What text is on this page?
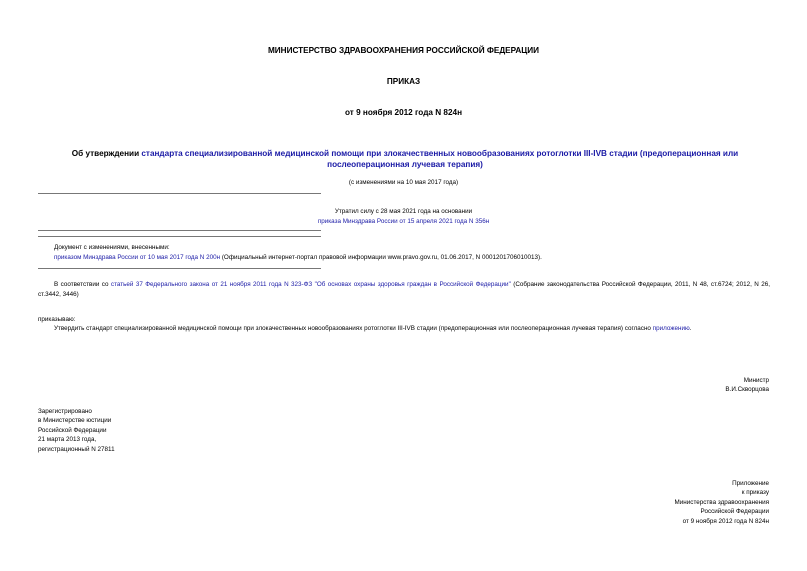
МИНИСТЕРСТВО ЗДРАВООХРАНЕНИЯ РОССИЙСКОЙ ФЕДЕРАЦИИ
ПРИКАЗ
от 9 ноября 2012 года N 824н
Об утверждении стандарта специализированной медицинской помощи при злокачественных новообразованиях ротоглотки III-IVB стадии (предоперационная или послеоперационная лучевая терапия)
(с изменениями на 10 мая 2017 года)
Утратил силу с 28 мая 2021 года на основании
приказа Минздрава России от 15 апреля 2021 года N 356н
Документ с изменениями, внесенными:
приказом Минздрава России от 10 мая 2017 года N 200н (Официальный интернет-портал правовой информации www.pravo.gov.ru, 01.06.2017, N 0001201706010013).
В соответствии со статьей 37 Федерального закона от 21 ноября 2011 года N 323-ФЗ "Об основах охраны здоровья граждан в Российской Федерации" (Собрание законодательства Российской Федерации, 2011, N 48, ст.6724; 2012, N 26, ст.3442, 3446)
приказываю:
Утвердить стандарт специализированной медицинской помощи при злокачественных новообразованиях ротоглотки III-IVB стадии (предоперационная или послеоперационная лучевая терапия) согласно приложению.
Министр
В.И.Скворцова
Зарегистрировано
в Министерстве юстиции
Российской Федерации
21 марта 2013 года,
регистрационный N 27811
Приложение
к приказу
Министерства здравоохранения
Российской Федерации
от 9 ноября 2012 года N 824н
